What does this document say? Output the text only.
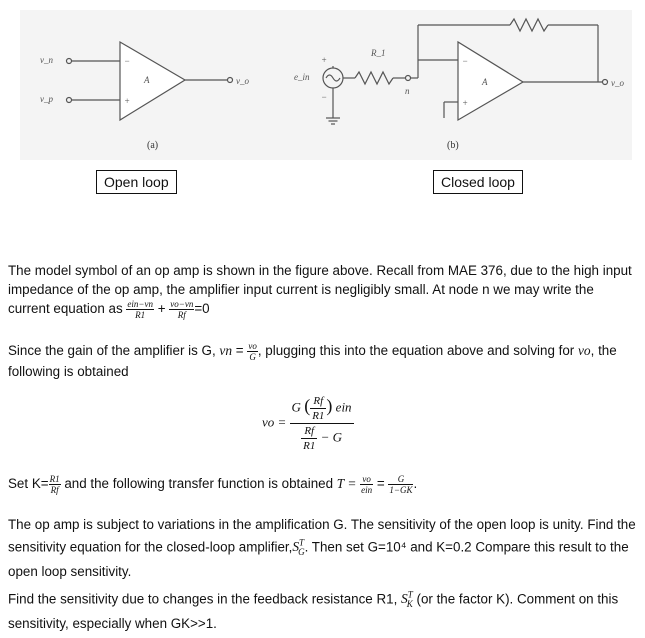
v_n
v_p
−
+
A	v_o
(a)
e_in
+
−
R_1
n
−
+
A	v_o
(b)
Open loop	Closed loop
The model symbol of an op amp is shown in the figure above. Recall from MAE 376, due to the high input impedance of the op amp, the amplifier input current is negligibly small. At node n we may write the current equation as $\frac{\text{ein−vn}}{R1} + \frac{vo-vn}{Rf} =0$
Since the gain of the amplifier is G, vn = $\frac{vo}{G}$ , plugging this into the equation above and solving for vo, the following is obtained
vo = $\frac{G ( \frac{Rf}{R1} ) ein}{\frac{Rf}{R1} - G}$
Set $K= \frac{R1}{Rf}$ and the following transfer function is obtained $T = \frac{vo}{\text{ein}} = \frac{G}{1-GK}$ .
The op amp is subject to variations in the amplification G. The sensitivity of the open loop is unity. Find the sensitivity equation for the closed-loop $amplifier,S^T_G$. Then set G=10⁴ and K=0.2 Compare this result to the open loop sensitivity.
Find the sensitivity due to changes in the feedback resistance R1, $S^T_K$ (or the factor K). Comment on this sensitivity, especially when GK>>1.
